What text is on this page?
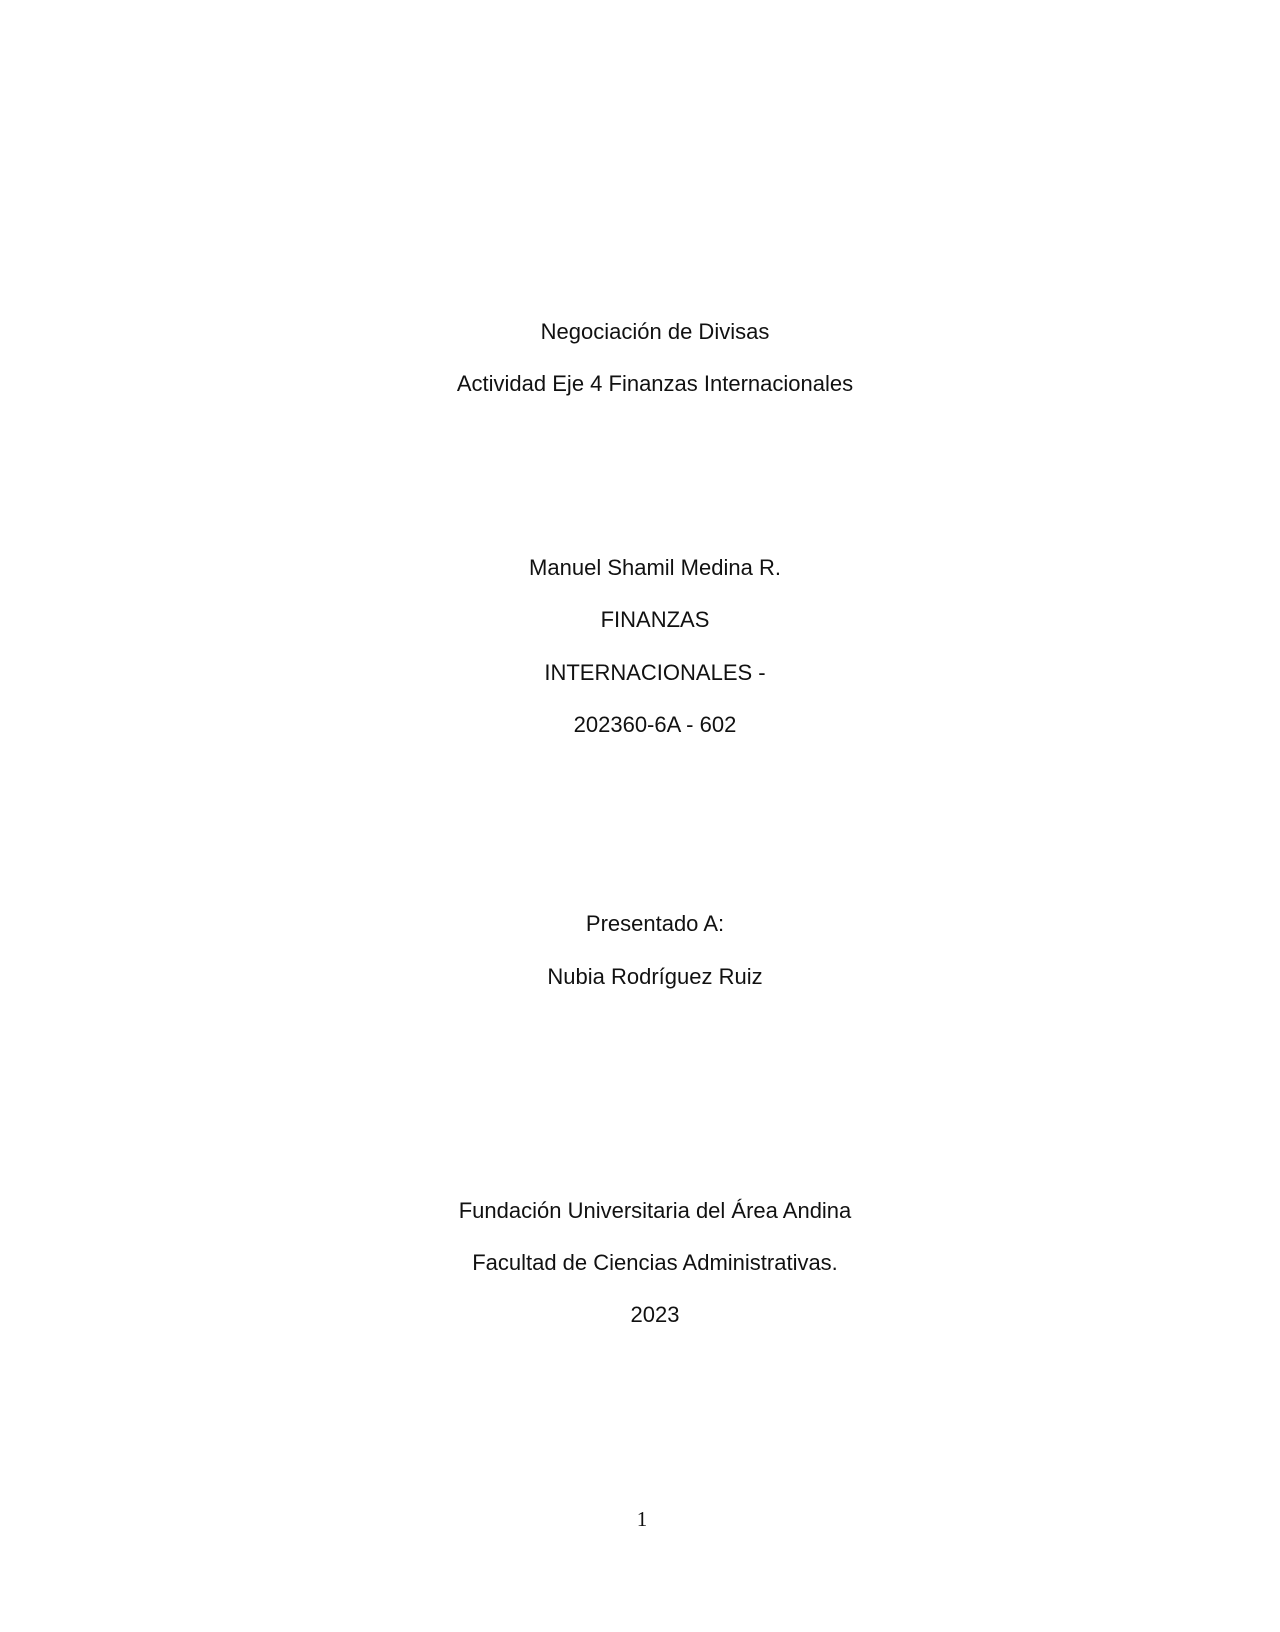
Negociación de Divisas
Actividad Eje 4 Finanzas Internacionales
Manuel Shamil Medina R.
FINANZAS
INTERNACIONALES -
202360-6A - 602
Presentado A:
Nubia Rodríguez Ruiz
Fundación Universitaria del Área Andina
Facultad de Ciencias Administrativas.
2023
1
